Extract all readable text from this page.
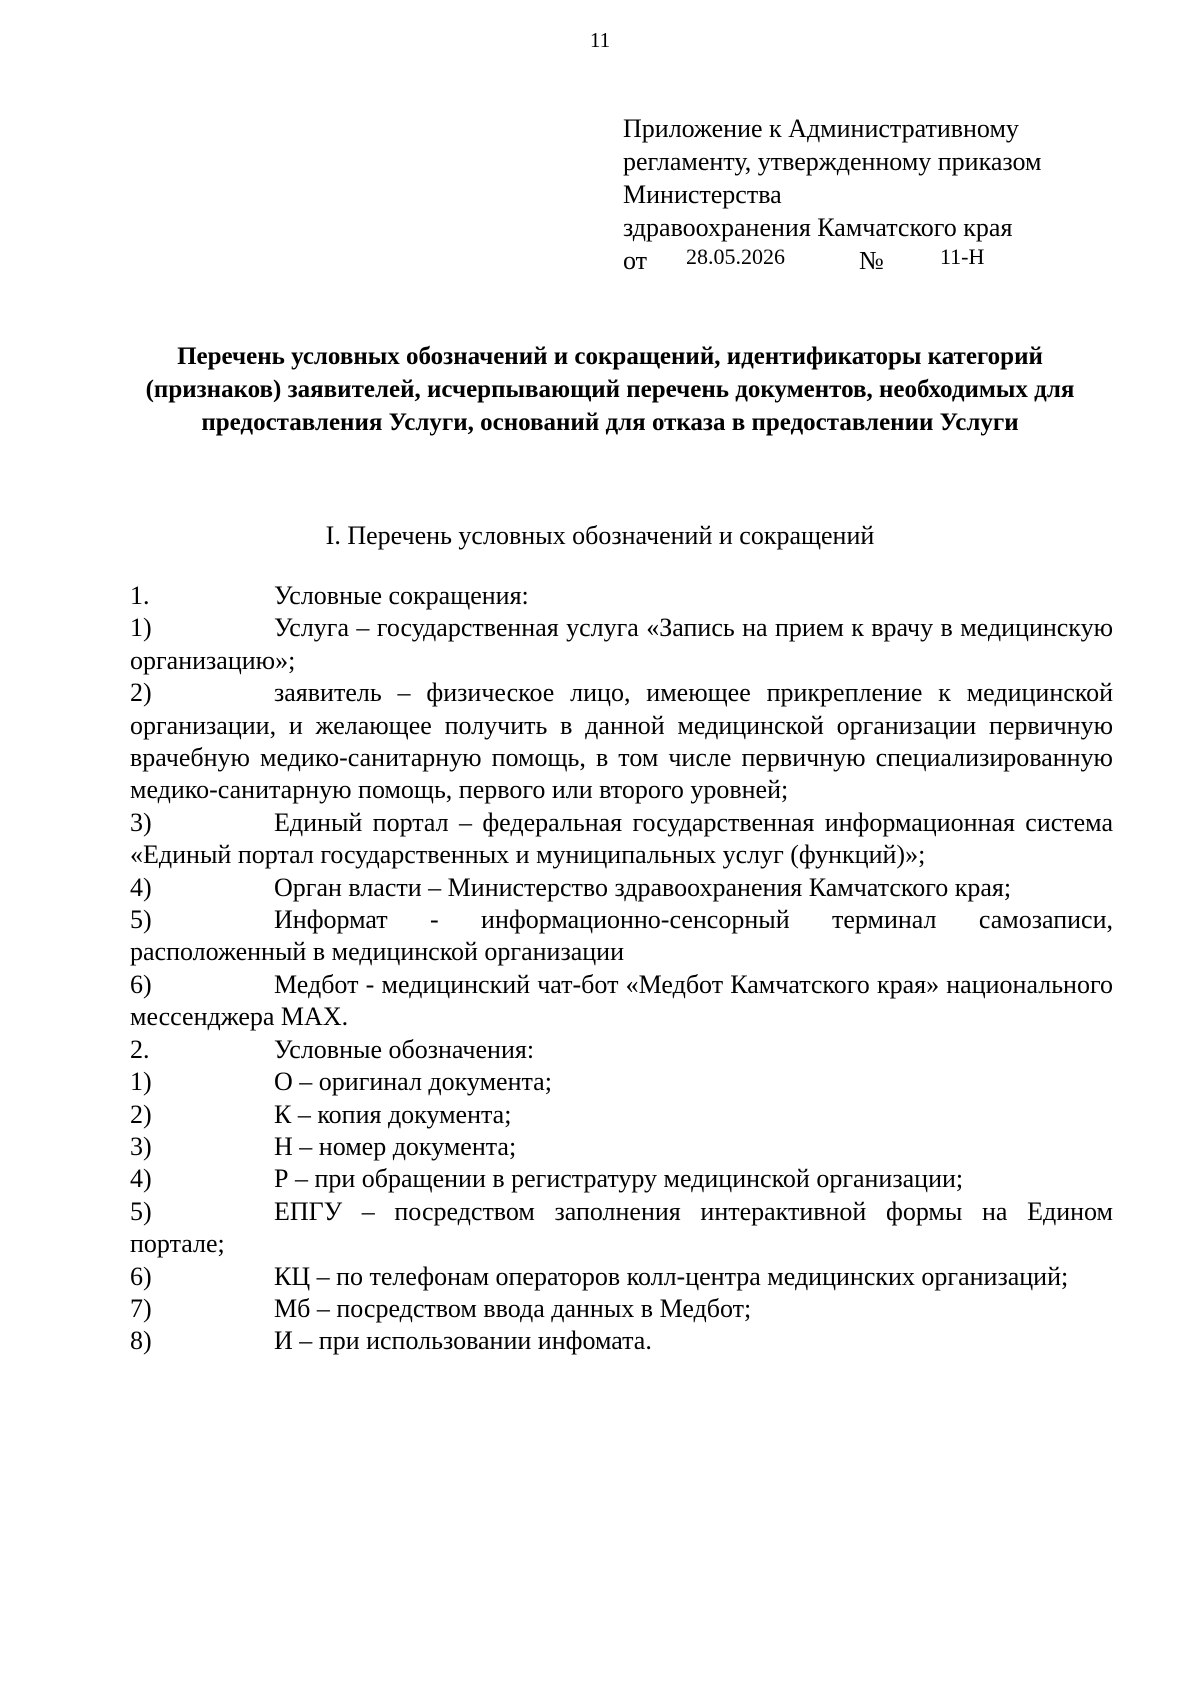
11
Приложение к Административному
регламенту, утвержденному приказом
Министерства
здравоохранения Камчатского края
от 28.05.2026	№	11-Н
Перечень условных обозначений и сокращений, идентификаторы категорий (признаков) заявителей, исчерпывающий перечень документов, необходимых для предоставления Услуги, оснований для отказа в предоставлении Услуги
I. Перечень условных обозначений и сокращений
1.	Условные сокращения:
1)	Услуга – государственная услуга «Запись на прием к врачу в медицинскую организацию»;
2)	заявитель – физическое лицо, имеющее прикрепление к медицинской организации, и желающее получить в данной медицинской организации первичную врачебную медико-санитарную помощь, в том числе первичную специализированную медико-санитарную помощь, первого или второго уровней;
3)	Единый портал – федеральная государственная информационная система «Единый портал государственных и муниципальных услуг (функций)»;
4)	Орган власти – Министерство здравоохранения Камчатского края;
5)	Информат - информационно-сенсорный терминал самозаписи, расположенный в медицинской организации
6)	Медбот - медицинский чат-бот «Медбот Камчатского края» национального мессенджера MAX.
2.	Условные обозначения:
1)	О – оригинал документа;
2)	К – копия документа;
3)	Н – номер документа;
4)	Р – при обращении в регистратуру медицинской организации;
5)	ЕПГУ – посредством заполнения интерактивной формы на Едином портале;
6)	КЦ – по телефонам операторов колл-центра медицинских организаций;
7)	Мб – посредством ввода данных в Медбот;
8)	И – при использовании инфомата.
